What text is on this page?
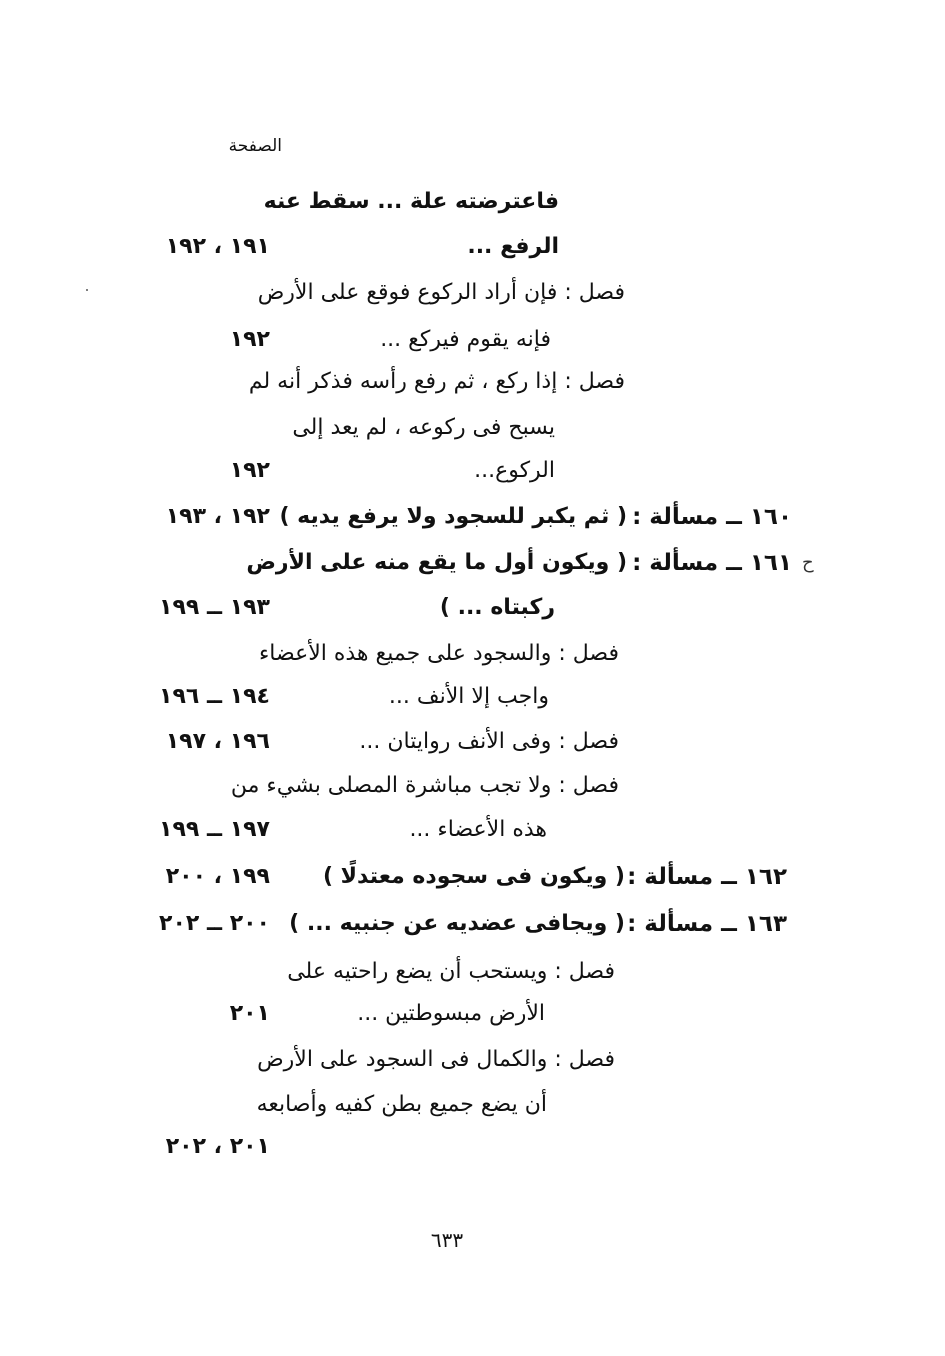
الصفحة
فاعترضته علة ... سقط عنه
الرفع ...
١٩١ ، ١٩٢
فصل : فإن أراد الركوع فوقع على الأرض
فإنه يقوم فيركع ...
١٩٢
فصل : إذا ركع ، ثم رفع رأسه فذكر أنه لم
يسبح فى ركوعه ، لم يعد إلى
الركوع...
١٩٢
١٦٠ ــ مسألة :
( ثم يكبر للسجود ولا يرفع يديه )
١٩٢ ، ١٩٣
ح
١٦١ ــ مسألة :
( ويكون أول ما يقع منه على الأرض
ركبتاه ... )
١٩٣ ــ ١٩٩
فصل : والسجود على جميع هذه الأعضاء
واجب إلا الأنف ...
١٩٤ ــ ١٩٦
فصل : وفى الأنف روايتان ...
١٩٦ ، ١٩٧
فصل : ولا تجب مباشرة المصلى بشيء من
هذه الأعضاء ...
١٩٧ ــ ١٩٩
١٦٢ ــ مسألة :
( ويكون فى سجوده معتدلًا )
١٩٩ ، ٢٠٠
١٦٣ ــ مسألة :
( ويجافى عضديه عن جنبيه ... )
٢٠٠ ــ ٢٠٢
فصل : ويستحب أن يضع راحتيه على
الأرض مبسوطتين ...
٢٠١
فصل : والكمال فى السجود على الأرض
أن يضع جميع بطن كفيه وأصابعه
٢٠١ ، ٢٠٢
٦٣٣
